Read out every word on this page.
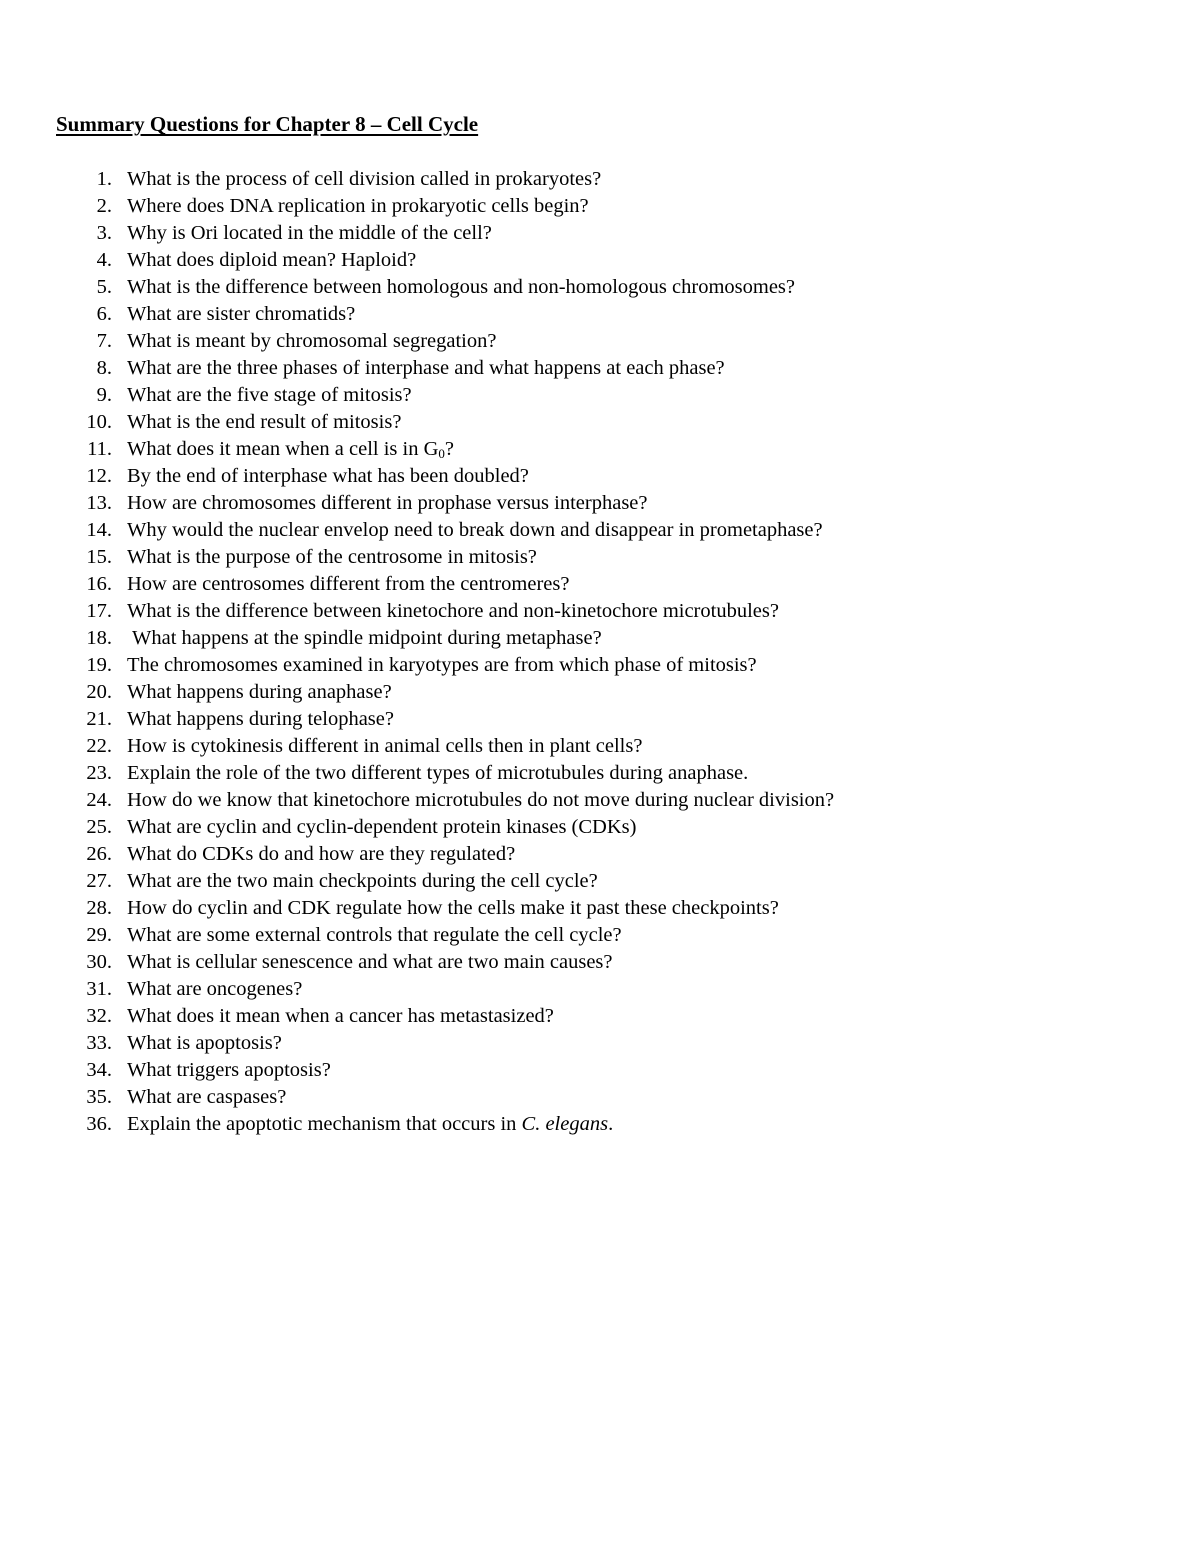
Summary Questions for Chapter 8 – Cell Cycle
1. What is the process of cell division called in prokaryotes?
2. Where does DNA replication in prokaryotic cells begin?
3. Why is Ori located in the middle of the cell?
4. What does diploid mean? Haploid?
5. What is the difference between homologous and non-homologous chromosomes?
6. What are sister chromatids?
7. What is meant by chromosomal segregation?
8. What are the three phases of interphase and what happens at each phase?
9. What are the five stage of mitosis?
10. What is the end result of mitosis?
11. What does it mean when a cell is in $G_0$?
12. By the end of interphase what has been doubled?
13. How are chromosomes different in prophase versus interphase?
14. Why would the nuclear envelop need to break down and disappear in prometaphase?
15. What is the purpose of the centrosome in mitosis?
16. How are centrosomes different from the centromeres?
17. What is the difference between kinetochore and non-kinetochore microtubules?
18. What happens at the spindle midpoint during metaphase?
19. The chromosomes examined in karyotypes are from which phase of mitosis?
20. What happens during anaphase?
21. What happens during telophase?
22. How is cytokinesis different in animal cells then in plant cells?
23. Explain the role of the two different types of microtubules during anaphase.
24. How do we know that kinetochore microtubules do not move during nuclear division?
25. What are cyclin and cyclin-dependent protein kinases (CDKs)
26. What do CDKs do and how are they regulated?
27. What are the two main checkpoints during the cell cycle?
28. How do cyclin and CDK regulate how the cells make it past these checkpoints?
29. What are some external controls that regulate the cell cycle?
30. What is cellular senescence and what are two main causes?
31. What are oncogenes?
32. What does it mean when a cancer has metastasized?
33. What is apoptosis?
34. What triggers apoptosis?
35. What are caspases?
36. Explain the apoptotic mechanism that occurs in C. elegans.
